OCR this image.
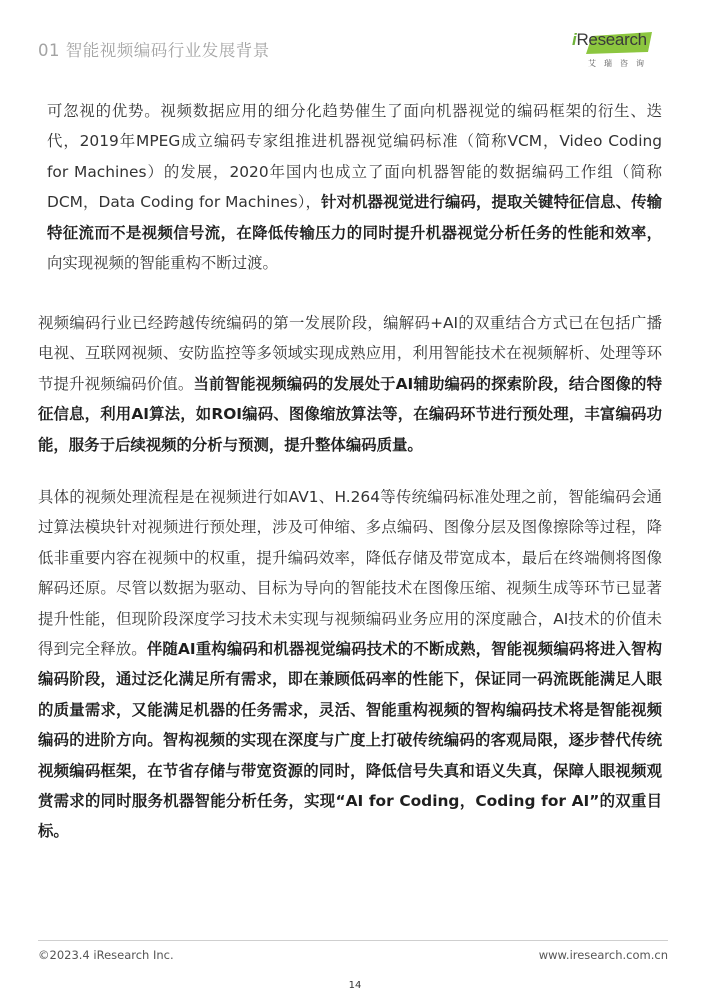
01 智能视频编码行业发展背景
iResearch
艾瑞咨询

可忽视的优势。视频数据应用的细分化趋势催生了面向机器视觉的编码框架的衍生、迭代，2019年MPEG成立编码专家组推进机器视觉编码标准（简称VCM，Video Coding for Machines）的发展，2020年国内也成立了面向机器智能的数据编码工作组（简称DCM，Data Coding for Machines），针对机器视觉进行编码，提取关键特征信息、传输特征流而不是视频信号流，在降低传输压力的同时提升机器视觉分析任务的性能和效率，向实现视频的智能重构不断过渡。

视频编码行业已经跨越传统编码的第一发展阶段，编解码+AI的双重结合方式已在包括广播电视、互联网视频、安防监控等多领域实现成熟应用，利用智能技术在视频解析、处理等环节提升视频编码价值。当前智能视频编码的发展处于AI辅助编码的探索阶段，结合图像的特征信息，利用AI算法，如ROI编码、图像缩放算法等，在编码环节进行预处理，丰富编码功能，服务于后续视频的分析与预测，提升整体编码质量。

具体的视频处理流程是在视频进行如AV1、H.264等传统编码标准处理之前，智能编码会通过算法模块针对视频进行预处理，涉及可伸缩、多点编码、图像分层及图像擦除等过程，降低非重要内容在视频中的权重，提升编码效率，降低存储及带宽成本，最后在终端侧将图像解码还原。尽管以数据为驱动、目标为导向的智能技术在图像压缩、视频生成等环节已显著提升性能，但现阶段深度学习技术未实现与视频编码业务应用的深度融合，AI技术的价值未得到完全释放。伴随AI重构编码和机器视觉编码技术的不断成熟，智能视频编码将进入智构编码阶段，通过泛化满足所有需求，即在兼顾低码率的性能下，保证同一码流既能满足人眼的质量需求，又能满足机器的任务需求，灵活、智能重构视频的智构编码技术将是智能视频编码的进阶方向。智构视频的实现在深度与广度上打破传统编码的客观局限，逐步替代传统视频编码框架，在节省存储与带宽资源的同时，降低信号失真和语义失真，保障人眼视频观赏需求的同时服务机器智能分析任务，实现“AI for Coding，Coding for AI”的双重目标。

©2023.4 iResearch Inc.	www.iresearch.com.cn
14
